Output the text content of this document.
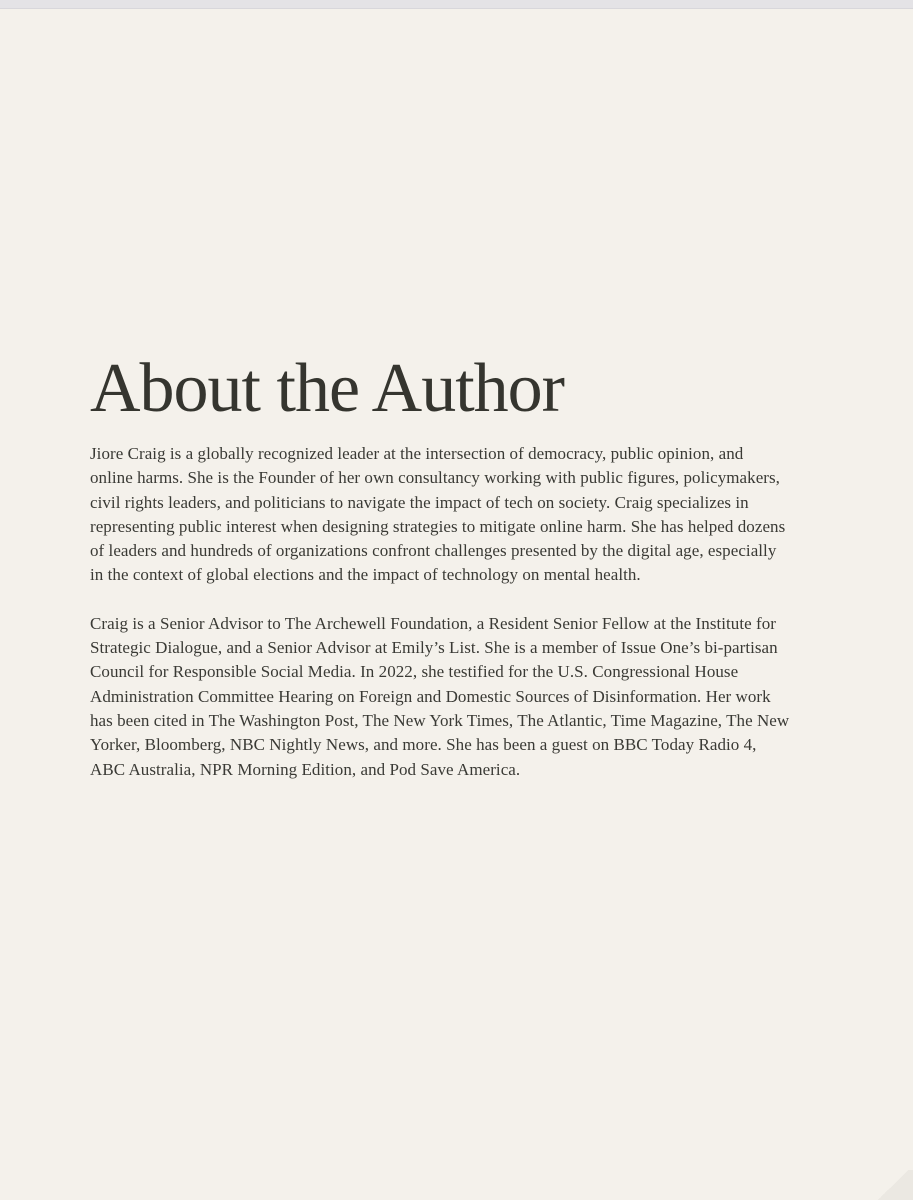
About the Author

Jiore Craig is a globally recognized leader at the intersection of democracy, public opinion, and online harms. She is the Founder of her own consultancy working with public figures, policymakers, civil rights leaders, and politicians to navigate the impact of tech on society. Craig specializes in representing public interest when designing strategies to mitigate online harm. She has helped dozens of leaders and hundreds of organizations confront challenges presented by the digital age, especially in the context of global elections and the impact of technology on mental health.

Craig is a Senior Advisor to The Archewell Foundation, a Resident Senior Fellow at the Institute for Strategic Dialogue, and a Senior Advisor at Emily’s List. She is a member of Issue One’s bi-partisan Council for Responsible Social Media. In 2022, she testified for the U.S. Congressional House Administration Committee Hearing on Foreign and Domestic Sources of Disinformation. Her work has been cited in The Washington Post, The New York Times, The Atlantic, Time Magazine, The New Yorker, Bloomberg, NBC Nightly News, and more. She has been a guest on BBC Today Radio 4, ABC Australia, NPR Morning Edition, and Pod Save America.
